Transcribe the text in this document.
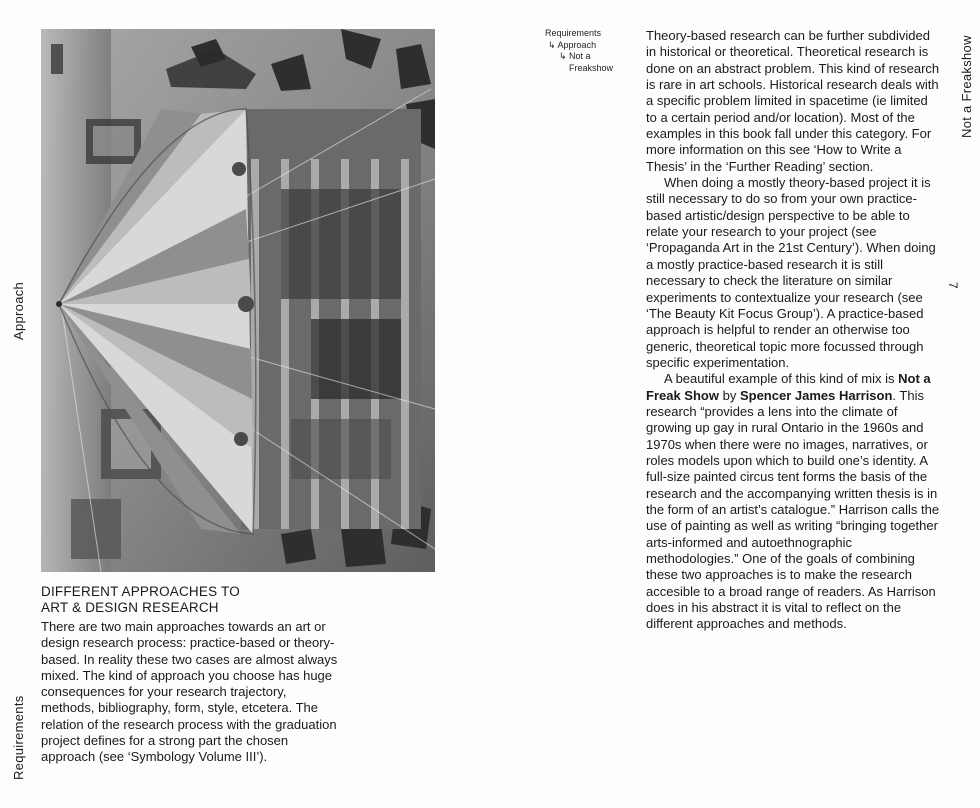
Approach
Requirements
DIFFERENT APPROACHES TO
ART & DESIGN RESEARCH

There are two main approaches towards an art or design research process: practice-based or theory-based. In reality these two cases are almost always mixed. The kind of approach you choose has huge consequences for your research trajectory, methods, bibliography, form, style, etcetera. The relation of the research process with the graduation project defines for a strong part the chosen approach (see ‘Symbology Volume III’).

Requirements
↳ Approach
↳ Not a
Freakshow

Theory-based research can be further subdivided in historical or theoretical. Theoretical research is done on an abstract problem. This kind of research is rare in art schools. Historical research deals with a specific problem limited in spacetime (ie limited to a certain period and/or location). Most of the examples in this book fall under this category. For more information on this see ‘How to Write a Thesis’ in the ‘Further Reading’ section.

When doing a mostly theory-based project it is still necessary to do so from your own practice-based artistic/design perspective to be able to relate your research to your project (see ‘Propaganda Art in the 21st Century’). When doing a mostly practice-based research it is still necessary to check the literature on similar experiments to contextualize your research (see ‘The Beauty Kit Focus Group’). A practice-based approach is helpful to render an otherwise too generic, theoretical topic more focussed through specific experimentation.

A beautiful example of this kind of mix is Not a Freak Show by Spencer James Harrison. This research “provides a lens into the climate of growing up gay in rural Ontario in the 1960s and 1970s when there were no images, narratives, or roles models upon which to build one’s identity. A full-size painted circus tent forms the basis of the research and the accompanying written thesis is in the form of an artist’s catalogue.” Harrison calls the use of painting as well as writing “bringing together arts-informed and autoethnographic methodologies.” One of the goals of combining these two approaches is to make the research accesible to a broad range of readers. As Harrison does in his abstract it is vital to reflect on the different approaches and methods.

Not a Freakshow
7
